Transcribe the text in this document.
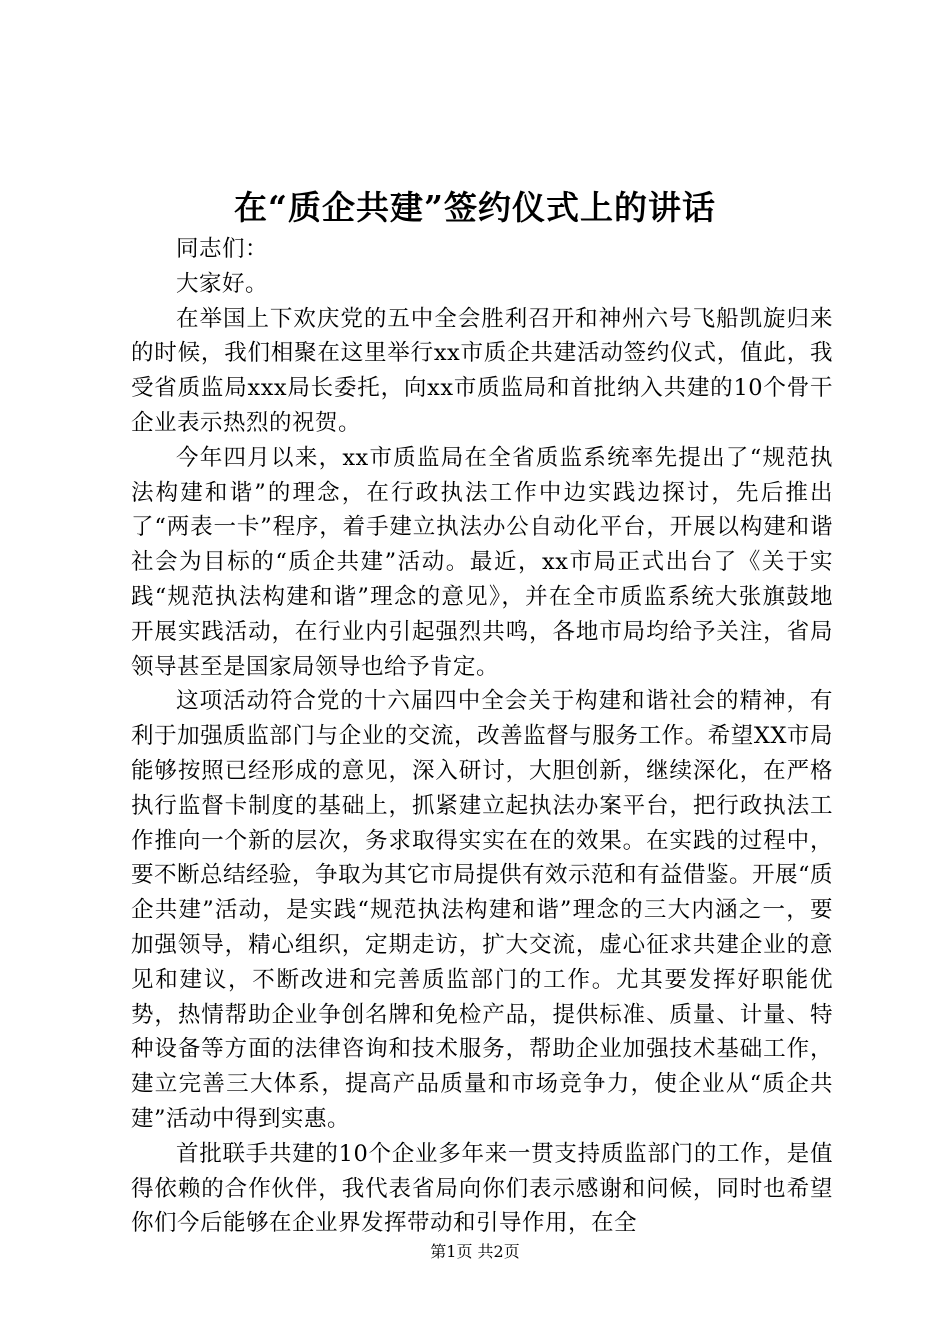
在“质企共建”签约仪式上的讲话

同志们：

大家好。

在举国上下欢庆党的五中全会胜利召开和神州六号飞船凯旋归来的时候，我们相聚在这里举行xx市质企共建活动签约仪式，值此，我受省质监局xxx局长委托，向xx市质监局和首批纳入共建的10个骨干企业表示热烈的祝贺。

今年四月以来，xx市质监局在全省质监系统率先提出了“规范执法构建和谐”的理念，在行政执法工作中边实践边探讨，先后推出了“两表一卡”程序，着手建立执法办公自动化平台，开展以构建和谐社会为目标的“质企共建”活动。最近，xx市局正式出台了《关于实践“规范执法构建和谐”理念的意见》，并在全市质监系统大张旗鼓地开展实践活动，在行业内引起强烈共鸣，各地市局均给予关注，省局领导甚至是国家局领导也给予肯定。

这项活动符合党的十六届四中全会关于构建和谐社会的精神，有利于加强质监部门与企业的交流，改善监督与服务工作。希望XX市局能够按照已经形成的意见，深入研讨，大胆创新，继续深化，在严格执行监督卡制度的基础上，抓紧建立起执法办案平台，把行政执法工作推向一个新的层次，务求取得实实在在的效果。在实践的过程中，要不断总结经验，争取为其它市局提供有效示范和有益借鉴。开展“质企共建”活动，是实践“规范执法构建和谐”理念的三大内涵之一，要加强领导，精心组织，定期走访，扩大交流，虚心征求共建企业的意见和建议，不断改进和完善质监部门的工作。尤其要发挥好职能优势，热情帮助企业争创名牌和免检产品，提供标准、质量、计量、特种设备等方面的法律咨询和技术服务，帮助企业加强技术基础工作，建立完善三大体系，提高产品质量和市场竞争力，使企业从“质企共建”活动中得到实惠。

首批联手共建的10个企业多年来一贯支持质监部门的工作，是值得依赖的合作伙伴，我代表省局向你们表示感谢和问候，同时也希望你们今后能够在企业界发挥带动和引导作用，在全

第1页 共2页
